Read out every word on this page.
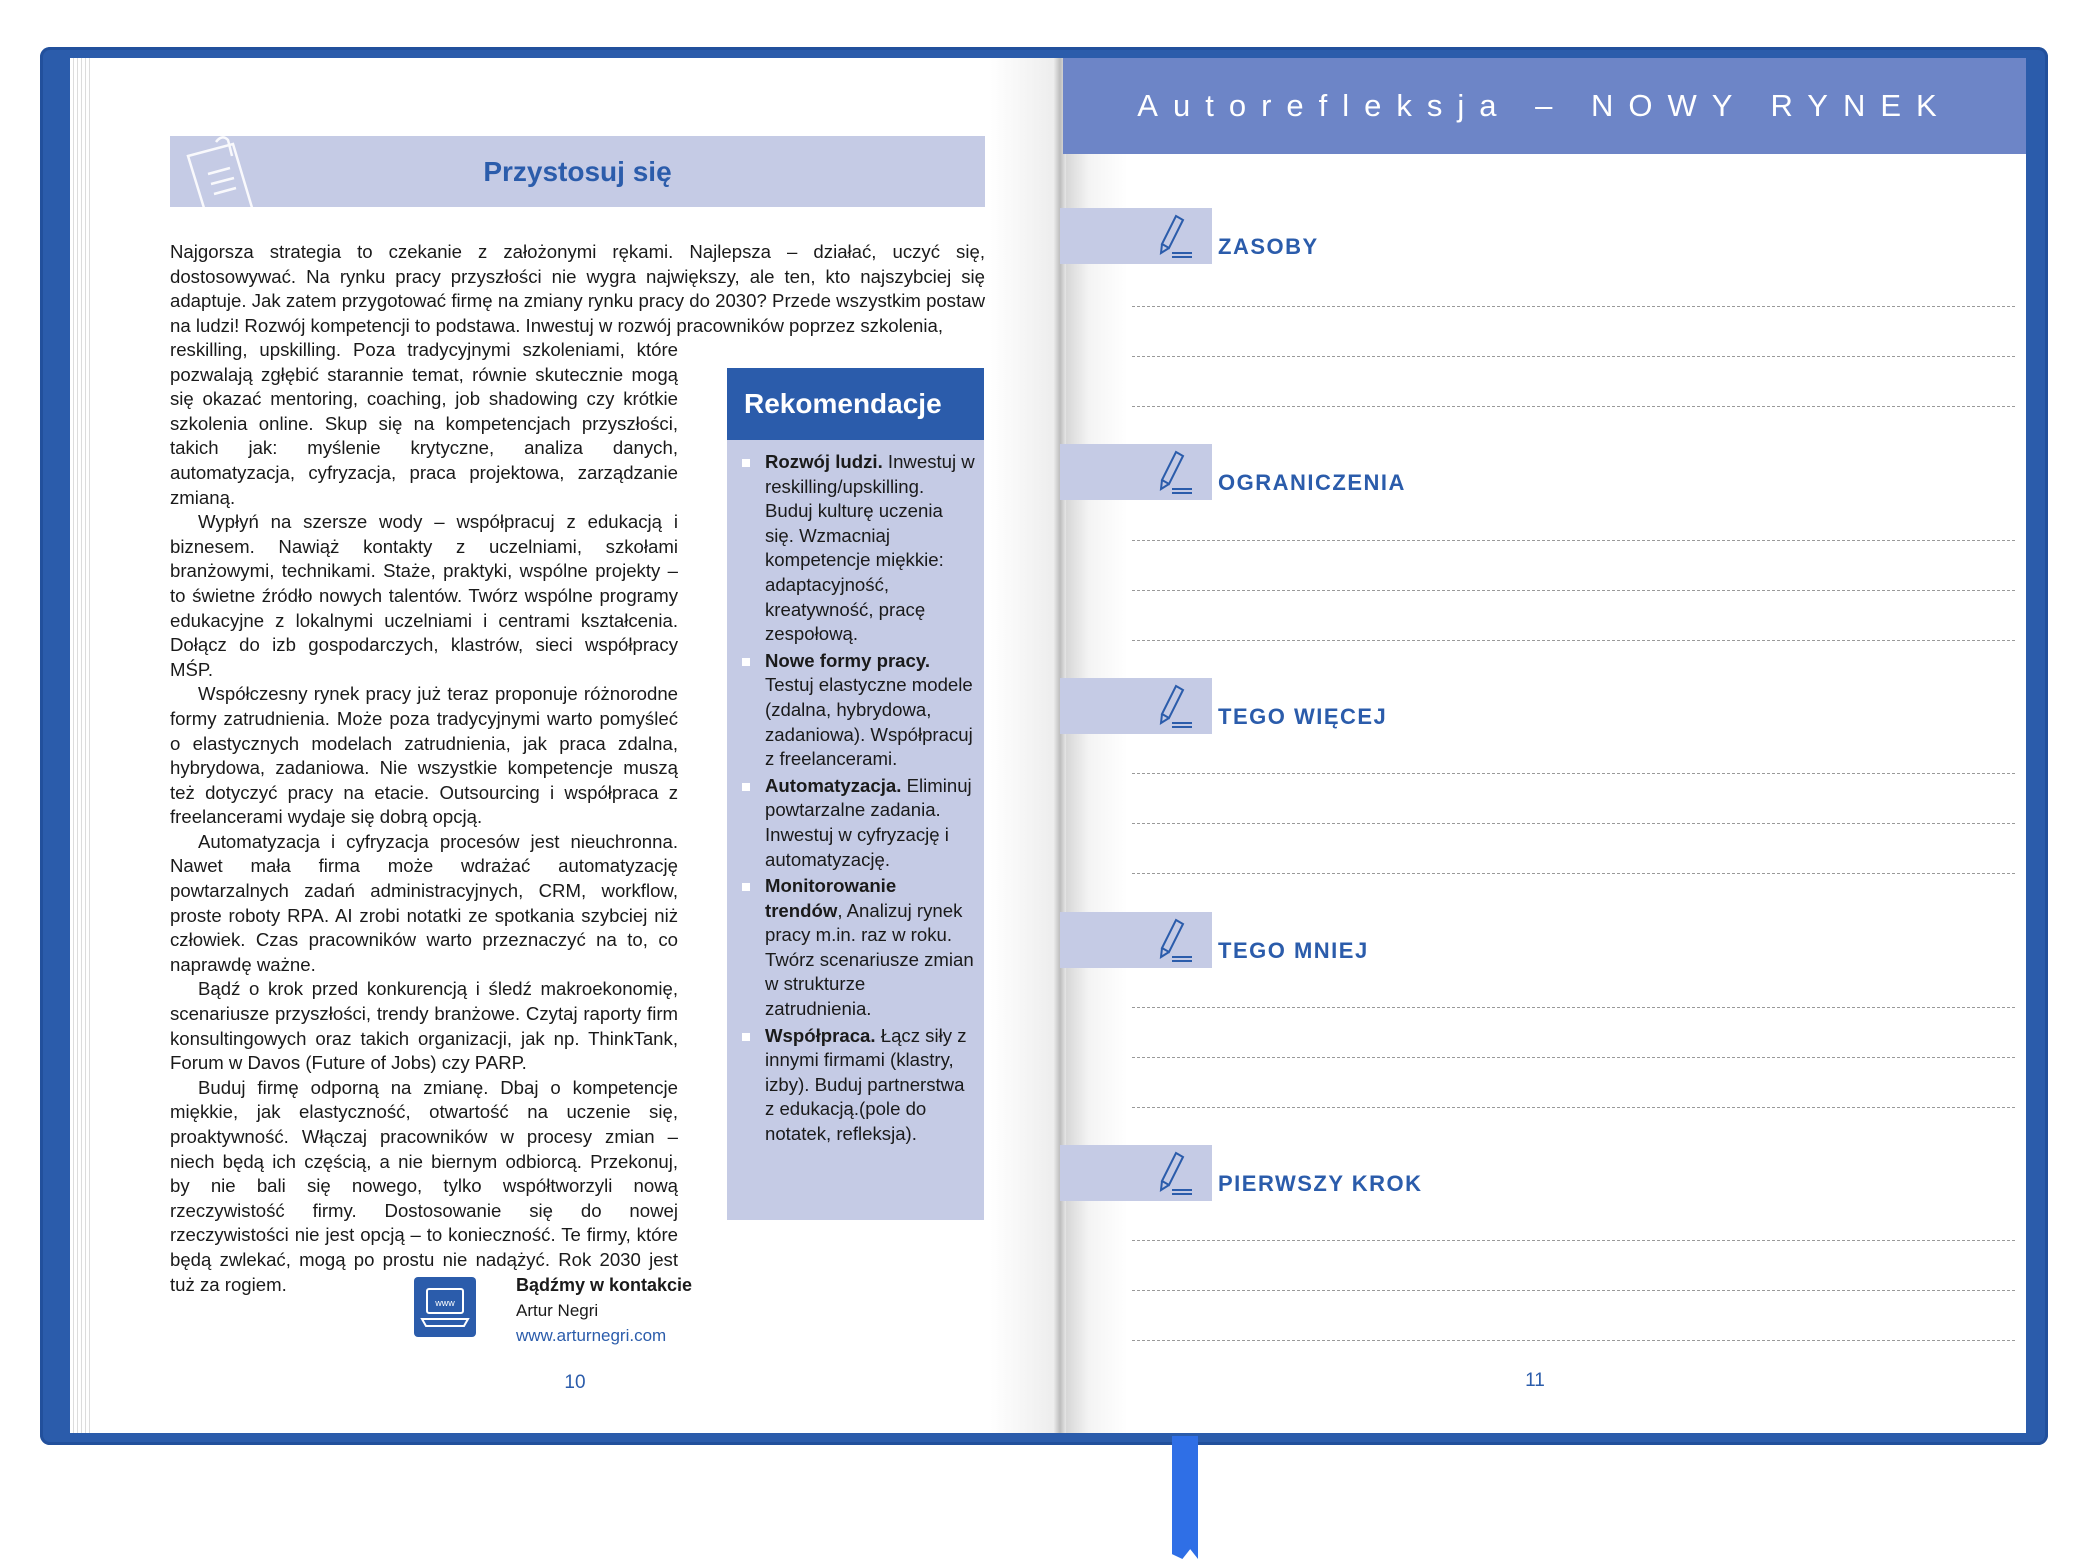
Przystosuj się

Najgorsza strategia to czekanie z założonymi rękami. Najlepsza – działać, uczyć się, dostosowywać. Na rynku pracy przyszłości nie wygra największy, ale ten, kto najszybciej się adaptuje. Jak zatem przygotować firmę na zmiany rynku pracy do 2030? Przede wszystkim postaw na ludzi! Rozwój kompetencji to podstawa. Inwestuj w rozwój pracowników poprzez szkolenia,

reskilling, upskilling. Poza tradycyjnymi szkoleniami, które pozwalają zgłębić starannie temat, równie skutecznie mogą się okazać mentoring, coaching, job shadowing czy krótkie szkolenia online. Skup się na kompetencjach przyszłości, takich jak: myślenie krytyczne, analiza danych, automatyzacja, cyfryzacja, praca projektowa, zarządzanie zmianą.

Wypłyń na szersze wody – współpracuj z edukacją i biznesem. Nawiąż kontakty z uczelniami, szkołami branżowymi, technikami. Staże, praktyki, wspólne projekty – to świetne źródło nowych talentów. Twórz wspólne programy edukacyjne z lokalnymi uczelniami i centrami kształcenia. Dołącz do izb gospodarczych, klastrów, sieci współpracy MŚP.

Współczesny rynek pracy już teraz proponuje różnorodne formy zatrudnienia. Może poza tradycyjnymi warto pomyśleć o elastycznych modelach zatrudnienia, jak praca zdalna, hybrydowa, zadaniowa. Nie wszystkie kompetencje muszą też dotyczyć pracy na etacie. Outsourcing i współpraca z freelancerami wydaje się dobrą opcją.

Automatyzacja i cyfryzacja procesów jest nieuchronna. Nawet mała firma może wdrażać automatyzację powtarzalnych zadań administracyjnych, CRM, workflow, proste roboty RPA. AI zrobi notatki ze spotkania szybciej niż człowiek. Czas pracowników warto przeznaczyć na to, co naprawdę ważne.

Bądź o krok przed konkurencją i śledź makroekonomię, scenariusze przyszłości, trendy branżowe. Czytaj raporty firm konsultingowych oraz takich organizacji, jak np. ThinkTank, Forum w Davos (Future of Jobs) czy PARP.

Buduj firmę odporną na zmianę. Dbaj o kompetencje miękkie, jak elastyczność, otwartość na uczenie się, proaktywność. Włączaj pracowników w procesy zmian – niech będą ich częścią, a nie biernym odbiorcą. Przekonuj, by nie bali się nowego, tylko współtworzyli nową rzeczywistość firmy. Dostosowanie się do nowej rzeczywistości nie jest opcją – to konieczność. Te firmy, które będą zwlekać, mogą po prostu nie nadążyć. Rok 2030 jest tuż za rogiem.

Rekomendacje
Rozwój ludzi. Inwestuj w reskilling/upskilling. Buduj kulturę uczenia się. Wzmacniaj kompetencje miękkie: adaptacyjność, kreatywność, pracę zespołową.
Nowe formy pracy. Testuj elastyczne modele (zdalna, hybrydowa, zadaniowa). Współpracuj z freelancerami.
Automatyzacja. Eliminuj powtarzalne zadania. Inwestuj w cyfryzację i automatyzację.
Monitorowanie trendów, Analizuj rynek pracy m.in. raz w roku. Twórz scenariusze zmian w strukturze zatrudnienia.
Współpraca. Łącz siły z innymi firmami (klastry, izby). Buduj partnerstwa z edukacją.(pole do notatek, refleksja).
www
Bądźmy w kontakcie
Artur Negri
www.arturnegri.com
10
Autorefleksja – NOWY RYNEK
ZASOBY
OGRANICZENIA
TEGO WIĘCEJ
TEGO MNIEJ
PIERWSZY KROK
11
